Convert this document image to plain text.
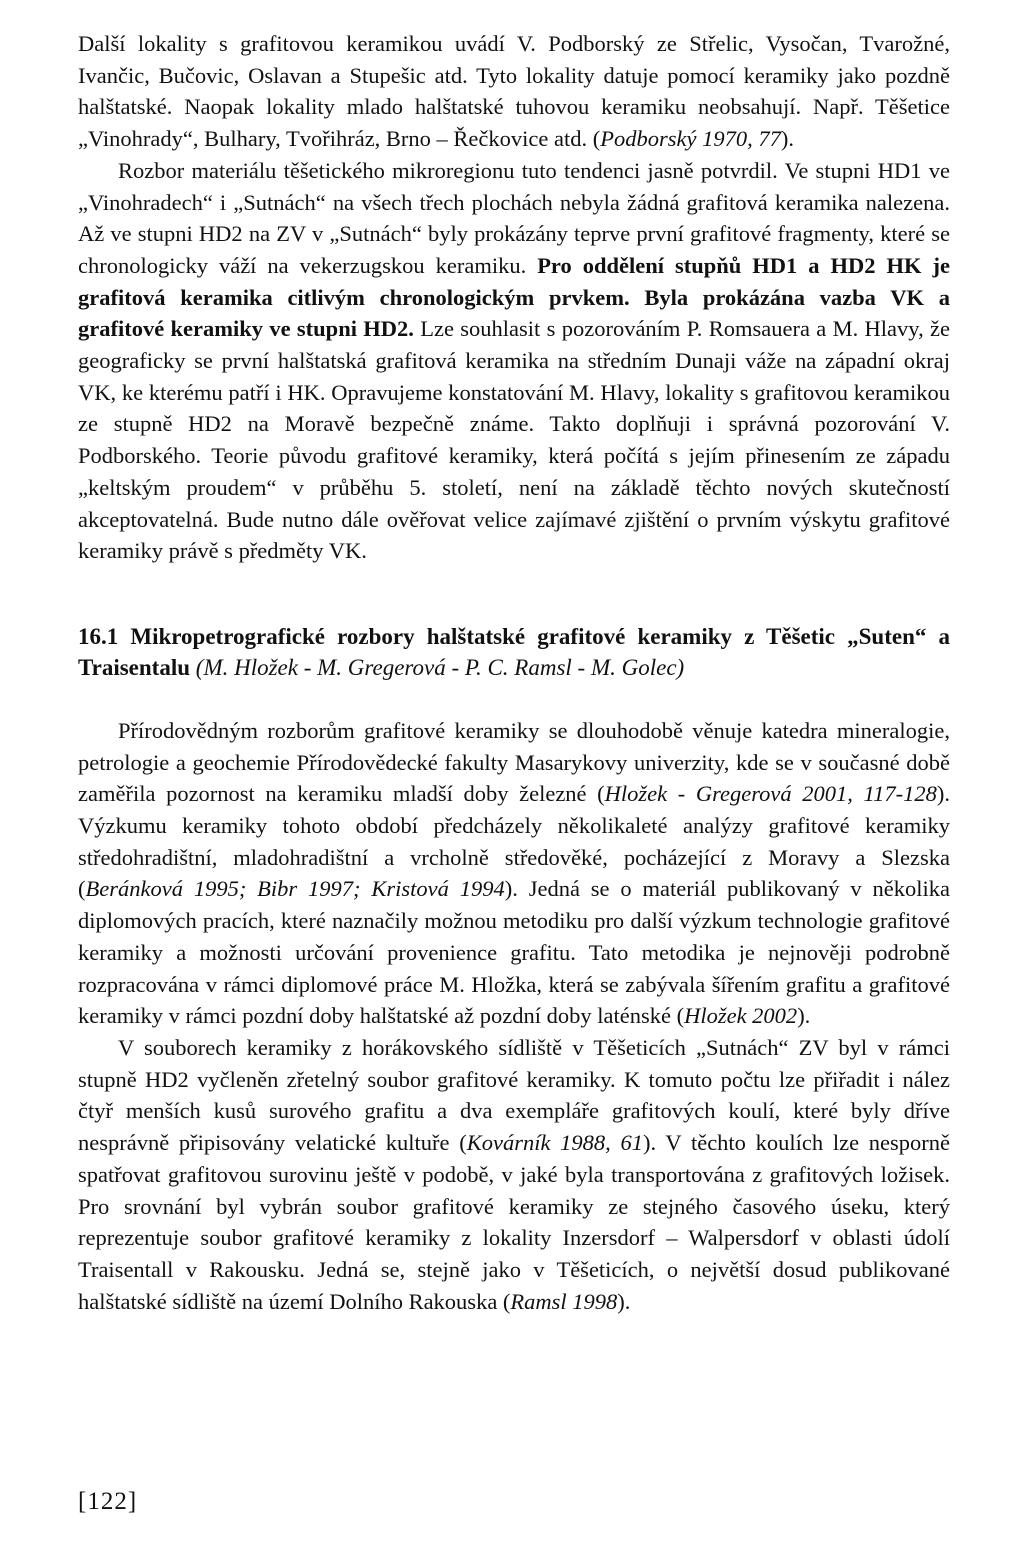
Další lokality s grafitovou keramikou uvádí V. Podborský ze Střelic, Vysočan, Tvarožné, Ivančic, Bučovic, Oslavan a Stupešic atd. Tyto lokality datuje pomocí keramiky jako pozdně halštatské. Naopak lokality mlado halštatské tuhovou keramiku neobsahují. Např. Těšetice „Vinohrady“, Bulhary, Tvořihráz, Brno – Řečkovice atd. (Podborský 1970, 77).

Rozbor materiálu těšetického mikroregionu tuto tendenci jasně potvrdil. Ve stupni HD1 ve „Vinohradech“ i „Sutnách“ na všech třech plochách nebyla žádná grafitová keramika nalezena. Až ve stupni HD2 na ZV v „Sutnách“ byly prokázány teprve první grafitové fragmenty, které se chronologicky váží na vekerzugskou keramiku. Pro oddělení stupňů HD1 a HD2 HK je grafitová keramika citlivým chronologickým prvkem. Byla prokázána vazba VK a grafitové keramiky ve stupni HD2. Lze souhlasit s pozorováním P. Romsauera a M. Hlavy, že geograficky se první halštatská grafitová keramika na středním Dunaji váže na západní okraj VK, ke kterému patří i HK. Opravujeme konstatování M. Hlavy, lokality s grafitovou keramikou ze stupně HD2 na Moravě bezpečně známe. Takto doplňuji i správná pozorování V. Podborského. Teorie původu grafitové keramiky, která počítá s jejím přinesením ze západu „keltským proudem“ v průběhu 5. století, není na základě těchto nových skutečností akceptovatelná. Bude nutno dále ověřovat velice zajímavé zjištění o prvním výskytu grafitové keramiky právě s předměty VK.

16.1 Mikropetrografické rozbory halštatské grafitové keramiky z Těšetic „Suten“ a Traisentalu (M. Hložek - M. Gregerová - P. C. Ramsl - M. Golec)

Přírodovědným rozborům grafitové keramiky se dlouhodobě věnuje katedra mineralogie, petrologie a geochemie Přírodovědecké fakulty Masarykovy univerzity, kde se v současné době zaměřila pozornost na keramiku mladší doby železné (Hložek - Gregerová 2001, 117-128). Výzkumu keramiky tohoto období předcházely několikaleté analýzy grafitové keramiky středohradištní, mladohradištní a vrcholně středověké, pocházející z Moravy a Slezska (Beránková 1995; Bibr 1997; Kristová 1994). Jedná se o materiál publikovaný v několika diplomových pracích, které naznačily možnou metodiku pro další výzkum technologie grafitové keramiky a možnosti určování provenience grafitu. Tato metodika je nejnověji podrobně rozpracována v rámci diplomové práce M. Hložka, která se zabývala šířením grafitu a grafitové keramiky v rámci pozdní doby halštatské až pozdní doby laténské (Hložek 2002).

V souborech keramiky z horákovského sídliště v Těšeticích „Sutnách“ ZV byl v rámci stupně HD2 vyčleněn zřetelný soubor grafitové keramiky. K tomuto počtu lze přiřadit i nález čtyř menších kusů surového grafitu a dva exempláře grafitových koulí, které byly dříve nesprávně připisovány velatické kultuře (Kovárník 1988, 61). V těchto koulích lze nesporně spatřovat grafitovou surovinu ještě v podobě, v jaké byla transportována z grafitových ložisek. Pro srovnání byl vybrán soubor grafitové keramiky ze stejného časového úseku, který reprezentuje soubor grafitové keramiky z lokality Inzersdorf – Walpersdorf v oblasti údolí Traisentall v Rakousku. Jedná se, stejně jako v Těšeticích, o největší dosud publikované halštatské sídliště na území Dolního Rakouska (Ramsl 1998).

[122]
